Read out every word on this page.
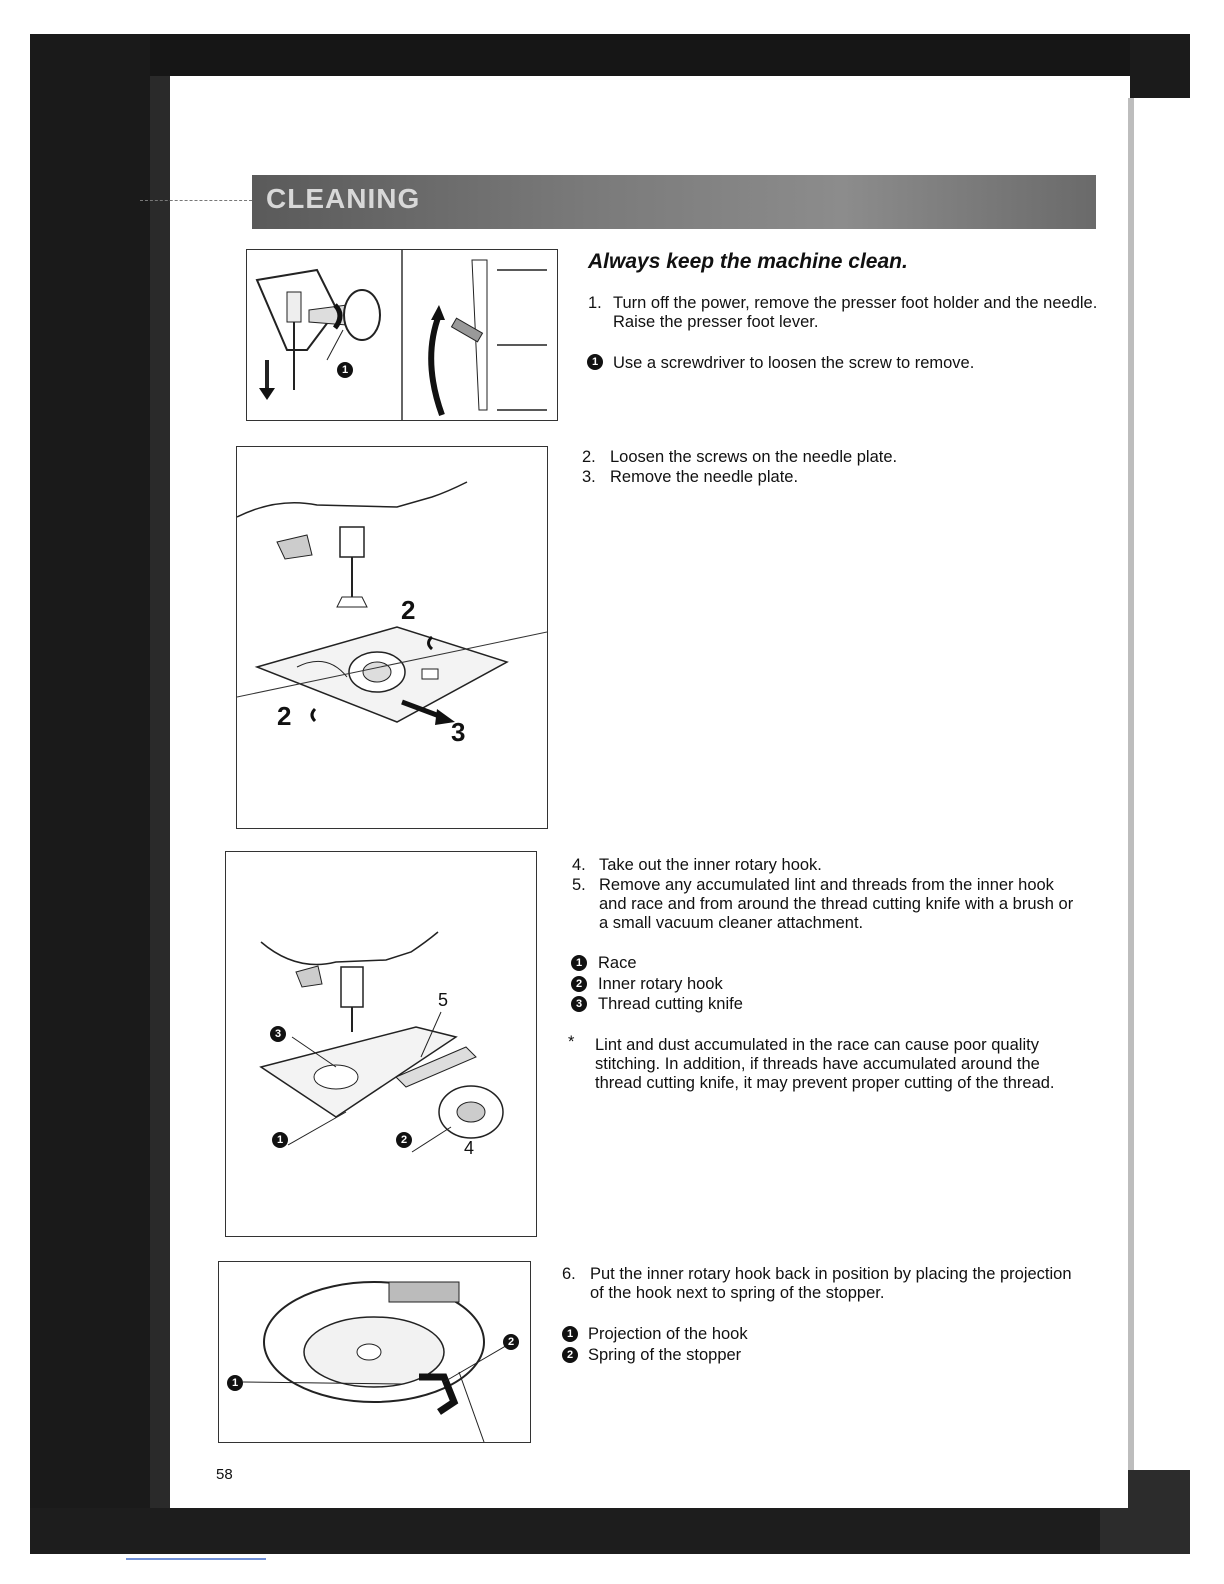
CLEANING
1
2
2
3
5
4
3
1	2
1
2
Always keep the machine clean.
1. Turn off the power, remove the presser foot holder and the needle. Raise the presser foot lever.
1 Use a screwdriver to loosen the screw to remove.
2. Loosen the screws on the needle plate.
3. Remove the needle plate.
4. Take out the inner rotary hook.
5. Remove any accumulated lint and threads from the inner hook and race and from around the thread cutting knife with a brush or a small vacuum cleaner attachment.
1 Race
2 Inner rotary hook
3 Thread cutting knife
* Lint and dust accumulated in the race can cause poor quality stitching. In addition, if threads have accumulated around the thread cutting knife, it may prevent proper cutting of the thread.
6. Put the inner rotary hook back in position by placing the projection of the hook next to spring of the stopper.
1 Projection of the hook
2 Spring of the stopper
58
